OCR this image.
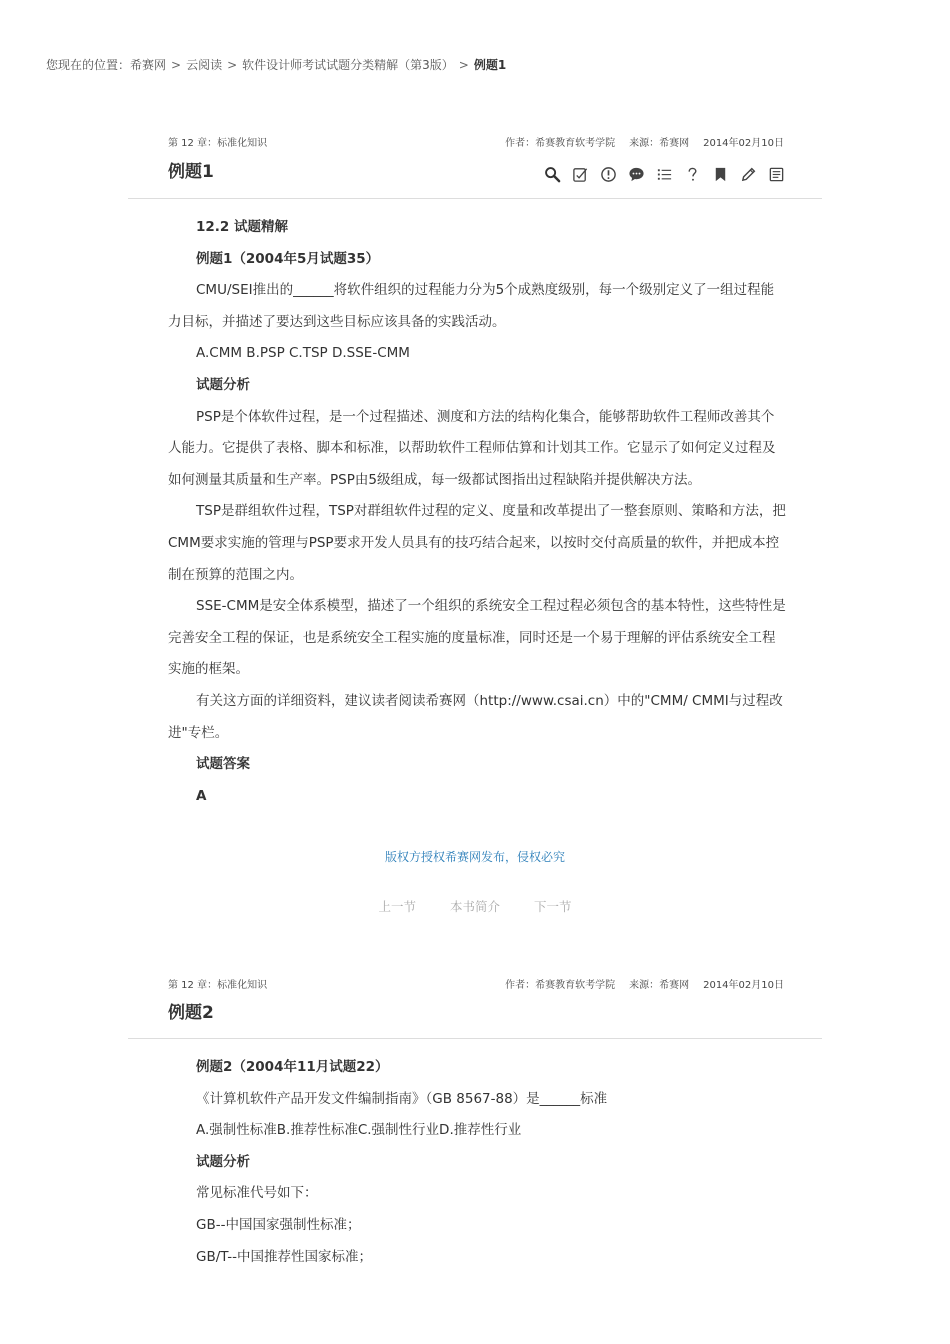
您现在的位置：希赛网 > 云阅读 > 软件设计师考试试题分类精解（第3版） > 例题1
第 12 章：标准化知识	作者：希赛教育软考学院 来源：希赛网 2014年02月10日
例题1

12.2 试题精解

例题1（2004年5月试题35）

CMU/SEI推出的______将软件组织的过程能力分为5个成熟度级别，每一个级别定义了一组过程能力目标，并描述了要达到这些目标应该具备的实践活动。

A.CMM B.PSP C.TSP D.SSE-CMM

试题分析

PSP是个体软件过程，是一个过程描述、测度和方法的结构化集合，能够帮助软件工程师改善其个人能力。它提供了表格、脚本和标准，以帮助软件工程师估算和计划其工作。它显示了如何定义过程及如何测量其质量和生产率。PSP由5级组成，每一级都试图指出过程缺陷并提供解决方法。

TSP是群组软件过程，TSP对群组软件过程的定义、度量和改革提出了一整套原则、策略和方法，把CMM要求实施的管理与PSP要求开发人员具有的技巧结合起来，以按时交付高质量的软件，并把成本控制在预算的范围之内。

SSE-CMM是安全体系模型，描述了一个组织的系统安全工程过程必须包含的基本特性，这些特性是完善安全工程的保证，也是系统安全工程实施的度量标准，同时还是一个易于理解的评估系统安全工程实施的框架。

有关这方面的详细资料，建议读者阅读希赛网（http://www.csai.cn）中的"CMM/ CMMI与过程改进"专栏。

试题答案

A

版权方授权希赛网发布，侵权必究
上一节	本书简介	下一节
第 12 章：标准化知识	作者：希赛教育软考学院 来源：希赛网 2014年02月10日
例题2

例题2（2004年11月试题22）

《计算机软件产品开发文件编制指南》（GB 8567-88）是______标准

A.强制性标准B.推荐性标准C.强制性行业D.推荐性行业

试题分析

常见标准代号如下：

GB--中国国家强制性标准；

GB/T--中国推荐性国家标准；
